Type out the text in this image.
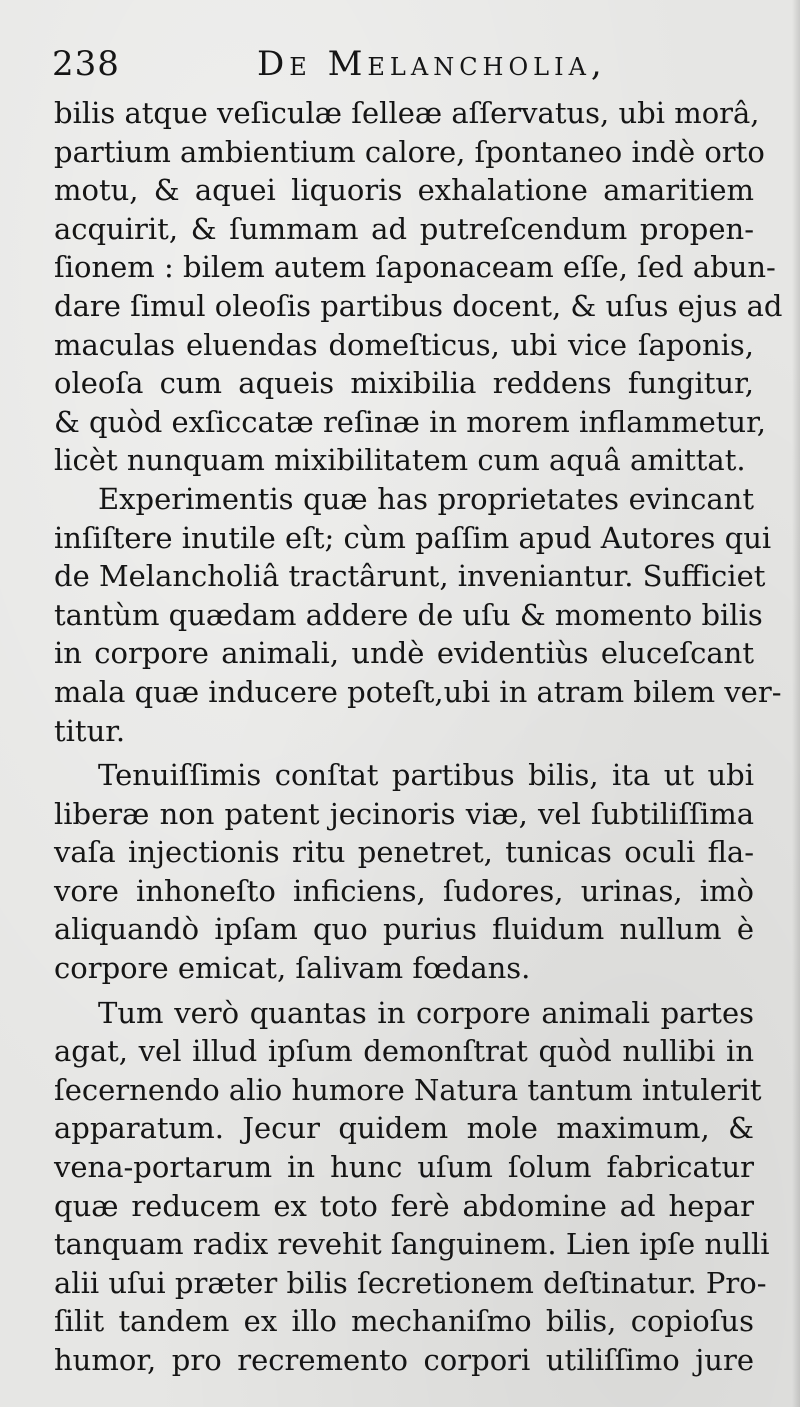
238	De Melancholia,
bilis atque veſiculæ ſelleæ aſſervatus, ubi morâ,
partium ambientium calore, ſpontaneo indè orto
motu, & aquei liquoris exhalatione amaritiem
acquirit, & ſummam ad putreſcendum propen-
ſionem : bilem autem ſaponaceam eſſe, ſed abun-
dare ſimul oleoſis partibus docent, & uſus ejus ad
maculas eluendas domeſticus, ubi vice ſaponis,
oleoſa cum aqueis mixibilia reddens fungitur,
& quòd exſiccatæ reſinæ in morem inflammetur,
licèt nunquam mixibilitatem cum aquâ amittat.
Experimentis quæ has proprietates evincant
inſiſtere inutile eſt; cùm paſſim apud Autores qui
de Melancholiâ tractârunt, inveniantur. Sufficiet
tantùm quædam addere de uſu & momento bilis
in corpore animali, undè evidentiùs eluceſcant
mala quæ inducere poteſt,ubi in atram bilem ver-
titur.
Tenuiſſimis conſtat partibus bilis, ita ut ubi
liberæ non patent jecinoris viæ, vel ſubtiliſſima
vaſa injectionis ritu penetret, tunicas oculi fla-
vore inhoneſto inficiens, ſudores, urinas, imò
aliquandò ipſam quo purius fluidum nullum è
corpore emicat, ſalivam fœdans.
Tum verò quantas in corpore animali partes
agat, vel illud ipſum demonſtrat quòd nullibi in
ſecernendo alio humore Natura tantum intulerit
apparatum. Jecur quidem mole maximum, &
vena-portarum in hunc uſum ſolum fabricatur
quæ reducem ex toto ferè abdomine ad hepar
tanquam radix revehit ſanguinem. Lien ipſe nulli
alii uſui præter bilis ſecretionem deſtinatur. Pro-
ſilit tandem ex illo mechaniſmo bilis, copioſus
humor, pro recremento corpori utiliſſimo jure
